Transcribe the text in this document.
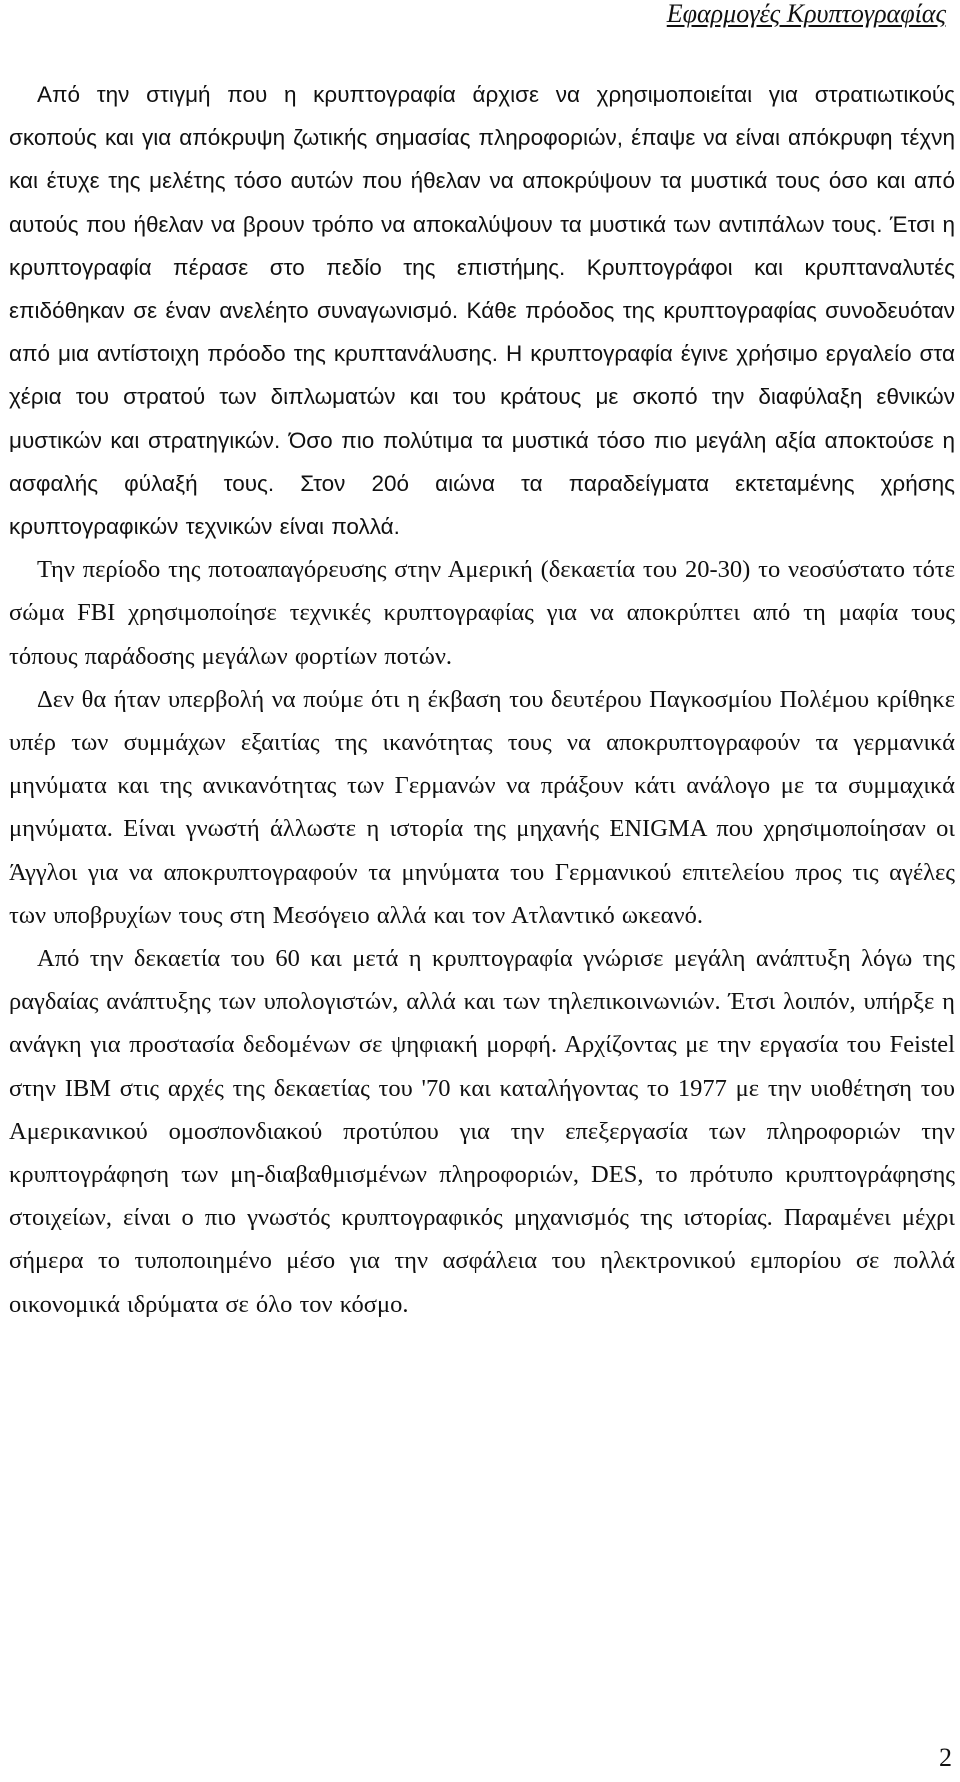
Εφαρμογές Κρυπτογραφίας

Από την στιγμή που η κρυπτογραφία άρχισε να χρησιμοποιείται για στρατιωτικούς σκοπούς και για απόκρυψη ζωτικής σημασίας πληροφοριών, έπαψε να είναι απόκρυφη τέχνη και έτυχε της μελέτης τόσο αυτών που ήθελαν να αποκρύψουν τα μυστικά τους όσο και από αυτούς που ήθελαν να βρουν τρόπο να αποκαλύψουν τα μυστικά των αντιπάλων τους. Έτσι η κρυπτογραφία πέρασε στο πεδίο της επιστήμης. Κρυπτογράφοι και κρυπταναλυτές επιδόθηκαν σε έναν ανελέητο συναγωνισμό. Κάθε πρόοδος της κρυπτογραφίας συνοδευόταν από μια αντίστοιχη πρόοδο της κρυπτανάλυσης. Η κρυπτογραφία έγινε χρήσιμο εργαλείο στα χέρια του στρατού των διπλωματών και του κράτους με σκοπό την διαφύλαξη εθνικών μυστικών και στρατηγικών. Όσο πιο πολύτιμα τα μυστικά τόσο πιο μεγάλη αξία αποκτούσε η ασφαλής φύλαξή τους. Στον 20ό αιώνα τα παραδείγματα εκτεταμένης χρήσης κρυπτογραφικών τεχνικών είναι πολλά.

Την περίοδο της ποτοαπαγόρευσης στην Αμερική (δεκαετία του 20-30) το νεοσύστατο τότε σώμα FBI χρησιμοποίησε τεχνικές κρυπτογραφίας για να αποκρύπτει από τη μαφία τους τόπους παράδοσης μεγάλων φορτίων ποτών.

Δεν θα ήταν υπερβολή να πούμε ότι η έκβαση του δευτέρου Παγκοσμίου Πολέμου κρίθηκε υπέρ των συμμάχων εξαιτίας της ικανότητας τους να αποκρυπτογραφούν τα γερμανικά μηνύματα και της ανικανότητας των Γερμανών να πράξουν κάτι ανάλογο με τα συμμαχικά μηνύματα. Είναι γνωστή άλλωστε η ιστορία της μηχανής ENIGMA που χρησιμοποίησαν οι Άγγλοι για να αποκρυπτογραφούν τα μηνύματα του Γερμανικού επιτελείου προς τις αγέλες των υποβρυχίων τους στη Μεσόγειο αλλά και τον Ατλαντικό ωκεανό.

Από την δεκαετία του 60 και μετά η κρυπτογραφία γνώρισε μεγάλη ανάπτυξη λόγω της ραγδαίας ανάπτυξης των υπολογιστών, αλλά και των τηλεπικοινωνιών. Έτσι λοιπόν, υπήρξε η ανάγκη για προστασία δεδομένων σε ψηφιακή μορφή. Αρχίζοντας με την εργασία του Feistel στην IBM στις αρχές της δεκαετίας του '70 και καταλήγοντας το 1977 με την υιοθέτηση του Αμερικανικού ομοσπονδιακού προτύπου για την επεξεργασία των πληροφοριών την κρυπτογράφηση των μη-διαβαθμισμένων πληροφοριών, DES, το πρότυπο κρυπτογράφησης στοιχείων, είναι ο πιο γνωστός κρυπτογραφικός μηχανισμός της ιστορίας. Παραμένει μέχρι σήμερα το τυποποιημένο μέσο για την ασφάλεια του ηλεκτρονικού εμπορίου σε πολλά οικονομικά ιδρύματα σε όλο τον κόσμο.

2
